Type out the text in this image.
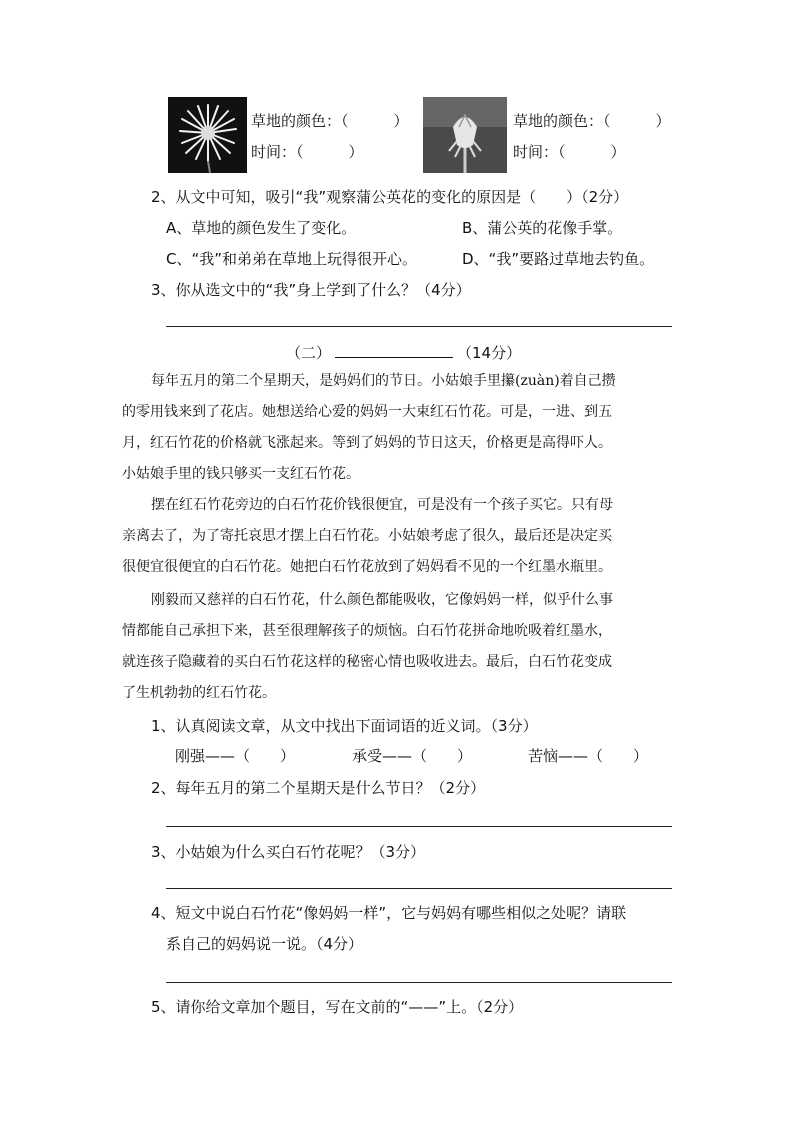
草地的颜色：（　　　）
时间：（　　　）
草地的颜色：（　　　）
时间：（　　　）
2、从文中可知，吸引“我”观察蒲公英花的变化的原因是（　　）（2分）
A、草地的颜色发生了变化。	B、蒲公英的花像手掌。
C、“我”和弟弟在草地上玩得很开心。	D、“我”要路过草地去钓鱼。
3、你从选文中的“我”身上学到了什么？（4分）
（二）	（14分）
每年五月的第二个星期天，是妈妈们的节日。小姑娘手里攥(zuàn)着自己攒
的零用钱来到了花店。她想送给心爱的妈妈一大束红石竹花。可是，一进、到五
月，红石竹花的价格就飞涨起来。等到了妈妈的节日这天，价格更是高得吓人。
小姑娘手里的钱只够买一支红石竹花。
摆在红石竹花旁边的白石竹花价钱很便宜，可是没有一个孩子买它。只有母
亲离去了，为了寄托哀思才摆上白石竹花。小姑娘考虑了很久，最后还是决定买
很便宜很便宜的白石竹花。她把白石竹花放到了妈妈看不见的一个红墨水瓶里。
刚毅而又慈祥的白石竹花，什么颜色都能吸收，它像妈妈一样，似乎什么事
情都能自己承担下来，甚至很理解孩子的烦恼。白石竹花拼命地吮吸着红墨水，
就连孩子隐藏着的买白石竹花这样的秘密心情也吸收进去。最后，白石竹花变成
了生机勃勃的红石竹花。
1、认真阅读文章，从文中找出下面词语的近义词。（3分）
刚强——（　　）	承受——（　　）	苦恼——（　　）
2、每年五月的第二个星期天是什么节日？（2分）
3、小姑娘为什么买白石竹花呢？（3分）
4、短文中说白石竹花“像妈妈一样”，它与妈妈有哪些相似之处呢？请联
系自己的妈妈说一说。（4分）
5、请你给文章加个题目，写在文前的“——”上。（2分）
